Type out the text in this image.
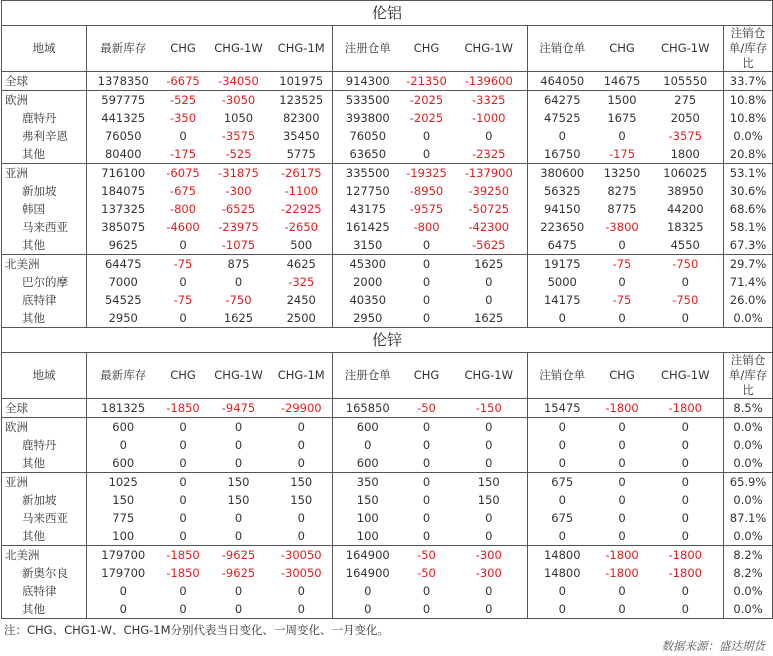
伦铝											
地域	最新库存	CHG	CHG-1W	CHG-1M	注册仓单	CHG	CHG-1W	注销仓单	CHG	CHG-1W	注销仓单/库存比
全球	1378350	-6675	-34050	101975	914300	-21350	-139600	464050	14675	105550	33.7%
欧洲	597775	-525	-3050	123525	533500	-2025	-3325	64275	1500	275	10.8%
鹿特丹	441325	-350	1050	82300	393800	-2025	-1000	47525	1675	2050	10.8%
弗利辛恩	76050	0	-3575	35450	76050	0	0	0	0	-3575	0.0%
其他	80400	-175	-525	5775	63650	0	-2325	16750	-175	1800	20.8%
亚洲	716100	-6075	-31875	-26175	335500	-19325	-137900	380600	13250	106025	53.1%
新加坡	184075	-675	-300	-1100	127750	-8950	-39250	56325	8275	38950	30.6%
韩国	137325	-800	-6525	-22925	43175	-9575	-50725	94150	8775	44200	68.6%
马来西亚	385075	-4600	-23975	-2650	161425	-800	-42300	223650	-3800	18325	58.1%
其他	9625	0	-1075	500	3150	0	-5625	6475	0	4550	67.3%
北美洲	64475	-75	875	4625	45300	0	1625	19175	-75	-750	29.7%
巴尔的摩	7000	0	0	-325	2000	0	0	5000	0	0	71.4%
底特律	54525	-75	-750	2450	40350	0	0	14175	-75	-750	26.0%
其他	2950	0	1625	2500	2950	0	1625	0	0	0	0.0%
伦锌											
地域	最新库存	CHG	CHG-1W	CHG-1M	注册仓单	CHG	CHG-1W	注销仓单	CHG	CHG-1W	注销仓单/库存比
全球	181325	-1850	-9475	-29900	165850	-50	-150	15475	-1800	-1800	8.5%
欧洲	600	0	0	0	600	0	0	0	0	0	0.0%
鹿特丹	0	0	0	0	0	0	0	0	0	0	0.0%
其他	600	0	0	0	600	0	0	0	0	0	0.0%
亚洲	1025	0	150	150	350	0	150	675	0	0	65.9%
新加坡	150	0	150	150	150	0	150	0	0	0	0.0%
马来西亚	775	0	0	0	100	0	0	675	0	0	87.1%
其他	100	0	0	0	100	0	0	0	0	0	0.0%
北美洲	179700	-1850	-9625	-30050	164900	-50	-300	14800	-1800	-1800	8.2%
新奥尔良	179700	-1850	-9625	-30050	164900	-50	-300	14800	-1800	-1800	8.2%
底特律	0	0	0	0	0	0	0	0	0	0	0.0%
其他	0	0	0	0	0	0	0	0	0	0	0.0%
注：CHG、CHG1-W、CHG-1M分别代表当日变化、一周变化、一月变化。
数据来源：盛达期货
